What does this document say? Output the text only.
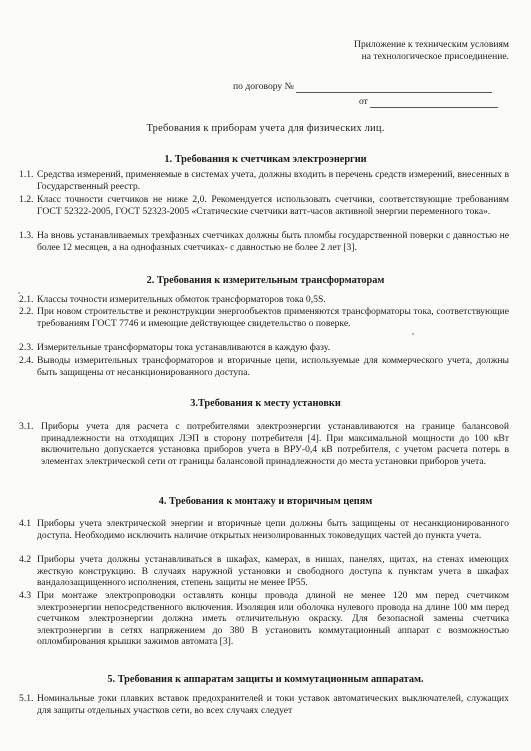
Приложение к техническим условиям
на технологическое присоединение.
по договору №
от
Требования к приборам учета для физических лиц.
1. Требования к счетчикам электроэнергии
1.1. Средства измерений, применяемые в системах учета, должны входить в перечень средств измерений, внесенных в Государственный реестр.
1.2. Класс точности счетчиков не ниже 2,0. Рекомендуется использовать счетчики, соответствующие требованиям ГОСТ 52322-2005, ГОСТ 52323-2005 «Статические счетчики ватт-часов активной энергии переменного тока».
1.3. На вновь устанавливаемых трехфазных счетчиках должны быть пломбы государственной поверки с давностью не более 12 месяцев, а на однофазных счетчиках- с давностью не более 2 лет [3].
2. Требования к измерительным трансформаторам
2.1. Классы точности измерительных обмоток трансформаторов тока 0,5S.
2.2. При новом строительстве и реконструкции энергообъектов применяются трансформаторы тока, соответствующие требованиям ГОСТ 7746 и имеющие действующее свидетельство о поверке.
2.3. Измерительные трансформаторы тока устанавливаются в каждую фазу.
2.4. Выводы измерительных трансформаторов и вторичные цепи, используемые для коммерческого учета, должны быть защищены от несанкционированного доступа.
3.Требования к месту установки
3.1. Приборы учета для расчета с потребителями электроэнергии устанавливаются на границе балансовой принадлежности на отходящих ЛЭП в сторону потребителя [4]. При максимальной мощности до 100 кВт включительно допускается установка приборов учета в ВРУ-0,4 кВ потребителя, с учетом расчета потерь в элементах электрической сети от границы балансовой принадлежности до места установки приборов учета.
4. Требования к монтажу и вторичным цепям
4.1 Приборы учета электрической энергии и вторичные цепи должны быть защищены от несанкционированного доступа. Необходимо исключить наличие открытых неизолированных токоведущих частей до пункта учета.
4.2 Приборы учета должны устанавливаться в шкафах, камерах, в нишах, панелях, щитах, на стенах имеющих жесткую конструкцию. В случаях наружной установки и свободного доступа к пунктам учета в шкафах вандалозащищенного исполнения, степень защиты не менее IP55.
4.3 При монтаже электропроводки оставлять концы провода длиной не менее 120 мм перед счетчиком электроэнергии непосредственного включения. Изоляция или оболочка нулевого провода на длине 100 мм перед счетчиком электроэнергии должна иметь отличительную окраску. Для безопасной замены счетчика электроэнергии в сетях напряжением до 380 В установить коммутационный аппарат с возможностью опломбирования крышки зажимов автомата [3].
5. Требования к аппаратам защиты и коммутационным аппаратам.
5.1. Номинальные токи плавких вставок предохранителей и токи уставок автоматических выключателей, служащих для защиты отдельных участков сети, во всех случаях следует
